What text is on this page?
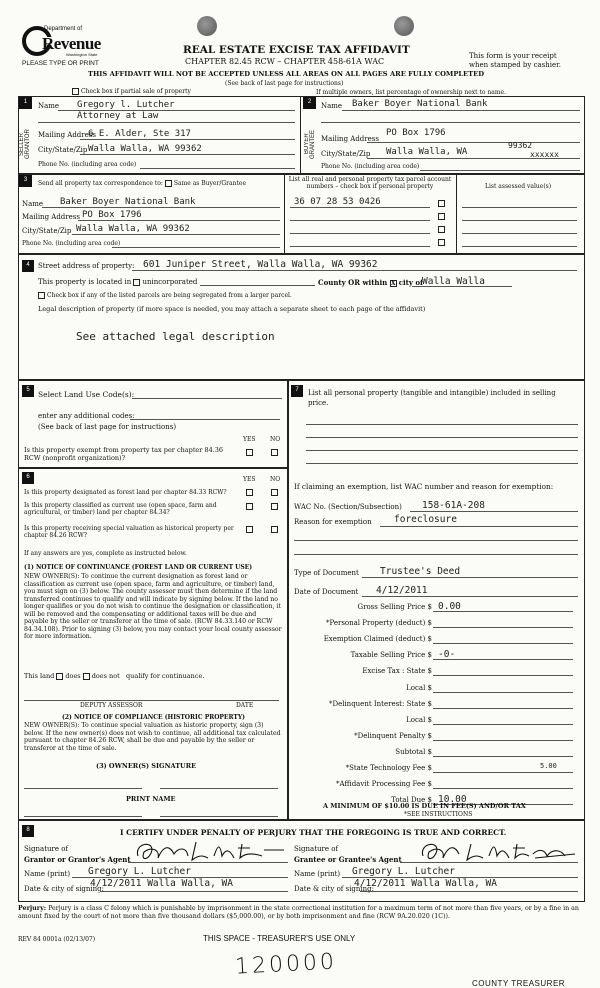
Department of
Revenue
Washington State
PLEASE TYPE OR PRINT
REAL ESTATE EXCISE TAX AFFIDAVIT
CHAPTER 82.45 RCW – CHAPTER 458-61A WAC
This form is your receipt
when stamped by cashier.
THIS AFFIDAVIT WILL NOT BE ACCEPTED UNLESS ALL AREAS ON ALL PAGES ARE FULLY COMPLETED
(See back of last page for instructions)
Check box if partial sale of property	If multiple owners, list percentage of ownership next to name.
1
SELLER GRANTOR
Name Gregory l. Lutcher
Attorney at Law
Mailing Address
6 E. Alder, Ste 317
City/State/Zip Walla Walla, WA 99362
Phone No. (including area code)
2
BUYER GRANTEE
Name Baker Boyer National Bank
Mailing Address
PO Box 1796
City/State/Zip Walla Walla, WA
99362
xxxxxx
Phone No. (including area code)
3	Send all property tax correspondence to: Same as Buyer/Grantee
Name Baker Boyer National Bank
Mailing Address PO Box 1796
City/State/Zip Walla Walla, WA 99362
Phone No. (including area code)
List all real and personal property tax parcel account numbers – check box if personal property	List assessed value(s)
36 07 28 53 0426
4	Street address of property: 601 Juniper Street, Walla Walla, WA 99362
This property is located in unincorporated	County OR within X city of
Walla Walla
Check box if any of the listed parcels are being segregated from a larger parcel.
Legal description of property (if more space is needed, you may attach a separate sheet to each page of the affidavit)
See attached legal description
5	Select Land Use Code(s):
enter any additional codes:
(See back of last page for instructions)
YES NO
Is this property exempt from property tax per chapter 84.36 RCW (nonprofit organization)?
6	YES NO
Is this property designated as forest land per chapter 84.33 RCW?
Is this property classified as current use (open space, farm and agricultural, or timber) land per chapter 84.34?
Is this property receiving special valuation as historical property per chapter 84.26 RCW?
If any answers are yes, complete as instructed below.
(1) NOTICE OF CONTINUANCE (FOREST LAND OR CURRENT USE)
NEW OWNER(S): To continue the current designation as forest land or classification as current use (open space, farm and agriculture, or timber) land, you must sign on (3) below. The county assessor must then determine if the land transferred continues to qualify and will indicate by signing below. If the land no longer qualifies or you do not wish to continue the designation or classification, it will be removed and the compensating or additional taxes will be due and payable by the seller or transferor at the time of sale. (RCW 84.33.140 or RCW 84.34.108). Prior to signing (3) below, you may contact your local county assessor for more information.
This land does does not qualify for continuance.
DEPUTY ASSESSOR	DATE
(2) NOTICE OF COMPLIANCE (HISTORIC PROPERTY)
NEW OWNER(S): To continue special valuation as historic property, sign (3) below. If the new owner(s) does not wish to continue, all additional tax calculated pursuant to chapter 84.26 RCW, shall be due and payable by the seller or transferor at the time of sale.
(3) OWNER(S) SIGNATURE
PRINT NAME
7	List all personal property (tangible and intangible) included in selling price.
If claiming an exemption, list WAC number and reason for exemption:
WAC No. (Section/Subsection) 158-61A-208
Reason for exemption foreclosure
Type of Document Trustee's Deed
Date of Document 4/12/2011
Gross Selling Price $ 0.00
*Personal Property (deduct) $
Exemption Claimed (deduct) $
Taxable Selling Price $ -0-
Excise Tax : State $
Local $
*Delinquent Interest: State $
Local $
*Delinquent Penalty $
Subtotal $
*State Technology Fee $	5.00
*Affidavit Processing Fee $
Total Due $ 10.00
A MINIMUM OF $10.00 IS DUE IN FEE(S) AND/OR TAX
*SEE INSTRUCTIONS
8	I CERTIFY UNDER PENALTY OF PERJURY THAT THE FOREGOING IS TRUE AND CORRECT.
Signature of
Grantor or Grantor's Agent
Name (print) Gregory L. Lutcher
Date & city of signing:
4/12/2011 Walla Walla, WA
Signature of
Grantee or Grantee's Agent
Name (print) Gregory L. Lutcher
Date & city of signing:
4/12/2011 Walla Walla, WA
Perjury: Perjury is a class C felony which is punishable by imprisonment in the state correctional institution for a maximum term of not more than five years, or by a fine in an amount fixed by the court of not more than five thousand dollars ($5,000.00), or by both imprisonment and fine (RCW 9A.20.020 (1C)).
REV 84 0001a (02/13/07)	THIS SPACE - TREASURER'S USE ONLY
120000
COUNTY TREASURER
